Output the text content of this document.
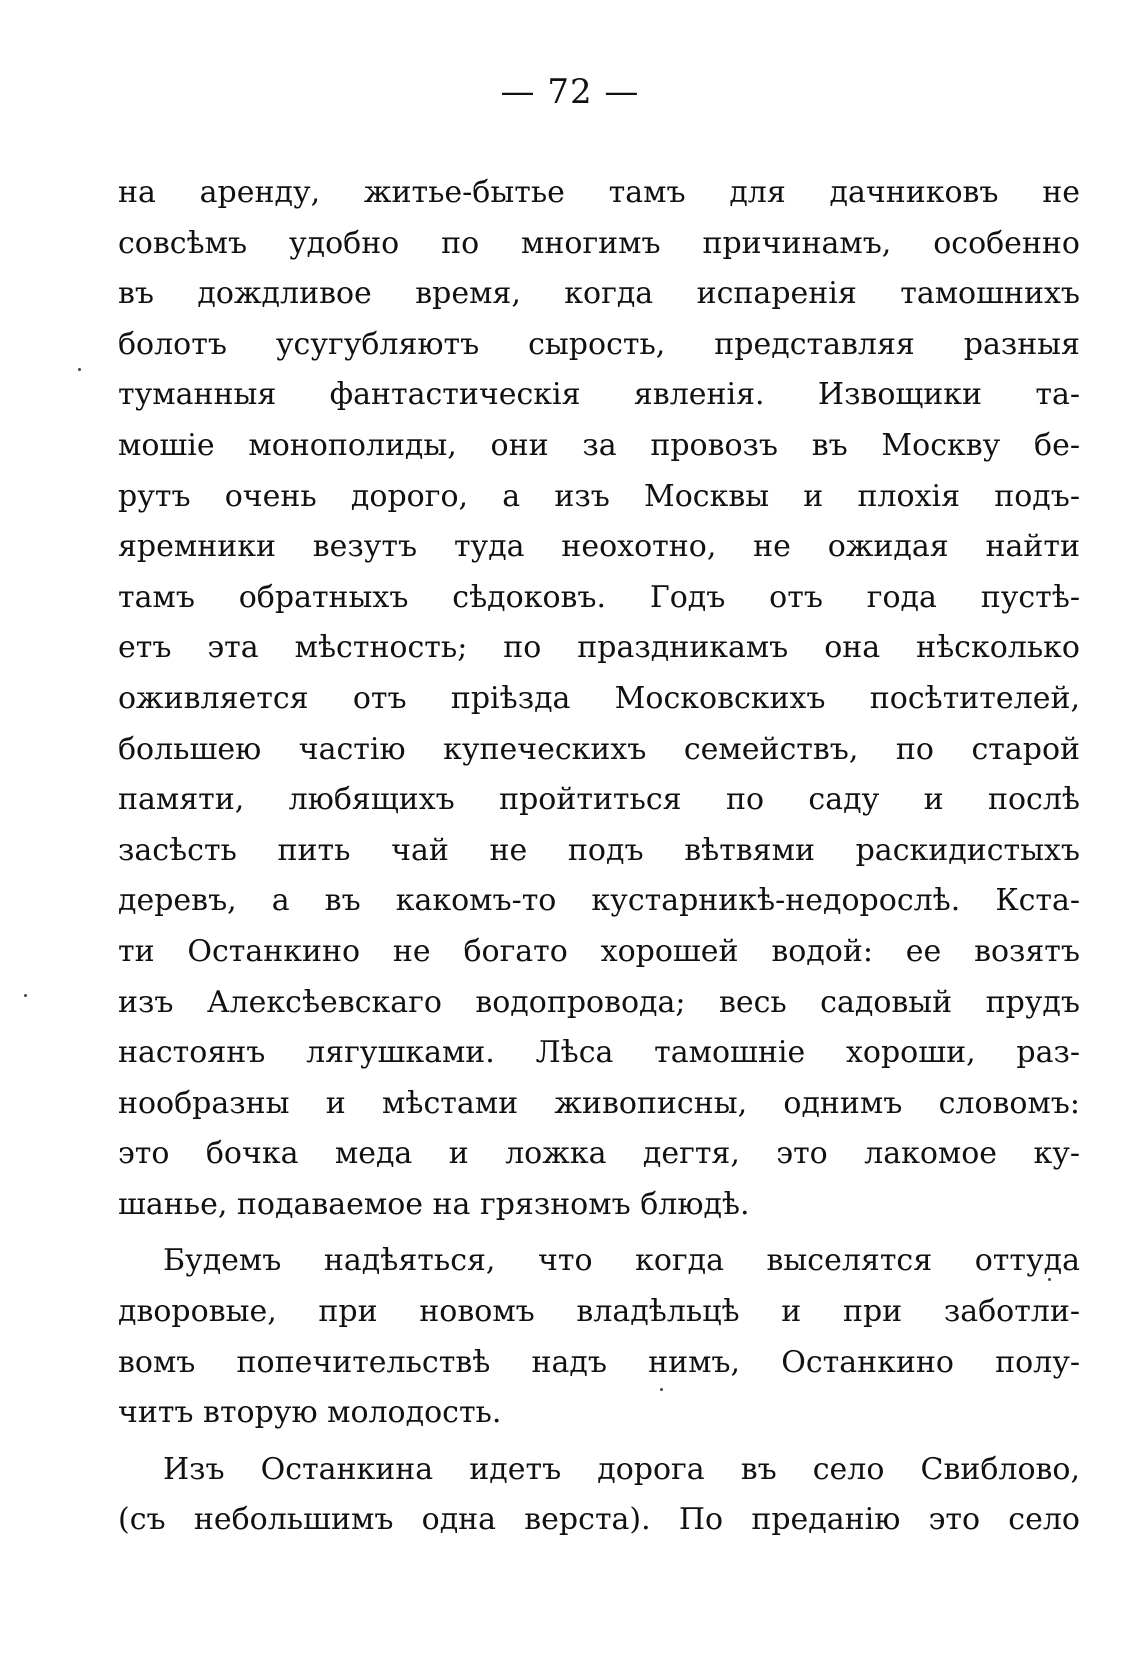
— 72 —
на аренду, житье-бытье тамъ для дачниковъ не
совсѣмъ удобно по многимъ причинамъ, особенно
въ дождливое время, когда испаренія тамошнихъ
болотъ усугубляютъ сырость, представляя разныя
туманныя фантастическія явленія. Извощики та-
мошіе монополиды, они за провозъ въ Москву бе-
рутъ очень дорого, а изъ Москвы и плохія подъ-
яремники везутъ туда неохотно, не ожидая найти
тамъ обратныхъ сѣдоковъ. Годъ отъ года пустѣ-
етъ эта мѣстность; по праздникамъ она нѣсколько
оживляется отъ пріѣзда Московскихъ посѣтителей,
большею частію купеческихъ семействъ, по старой
памяти, любящихъ пройтиться по саду и послѣ
засѣсть пить чай не подъ вѣтвями раскидистыхъ
деревъ, а въ какомъ-то кустарникѣ-недорослѣ. Кста-
ти Останкино не богато хорошей водой: ее возятъ
изъ Алексѣевскаго водопровода; весь садовый прудъ
настоянъ лягушками. Лѣса тамошніе хороши, раз-
нообразны и мѣстами живописны, однимъ словомъ:
это бочка меда и ложка дегтя, это лакомое ку-
шанье, подаваемое на грязномъ блюдѣ.
Будемъ надѣяться, что когда выселятся оттуда
дворовые, при новомъ владѣльцѣ и при заботли-
вомъ попечительствѣ надъ нимъ, Останкино полу-
читъ вторую молодость.
Изъ Останкина идетъ дорога въ село Свиблово,
(съ небольшимъ одна верста). По преданію это село
